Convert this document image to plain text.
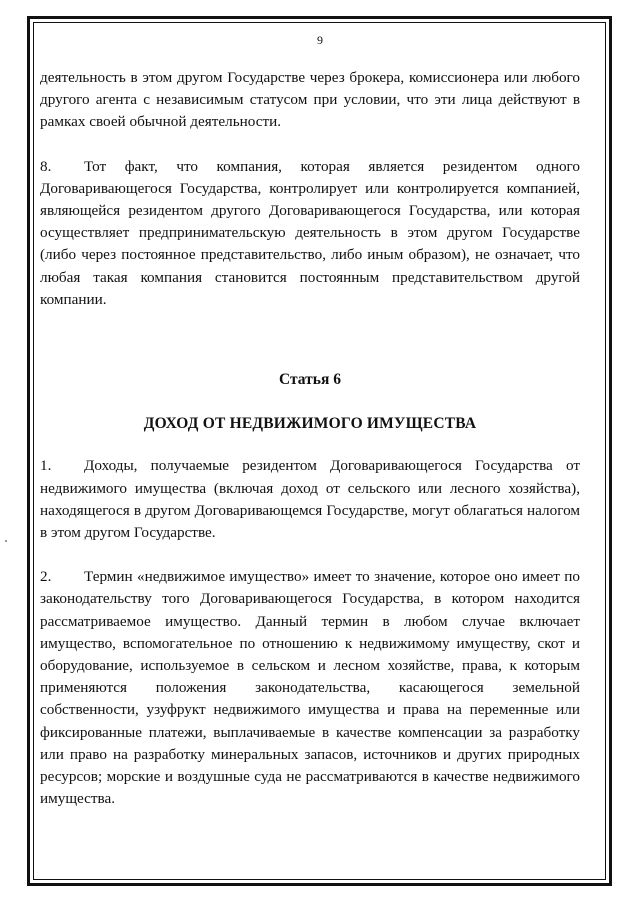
9

деятельность в этом другом Государстве через брокера, комиссионера или любого другого агента с независимым статусом при условии, что эти лица действуют в рамках своей обычной деятельности.

8. Тот факт, что компания, которая является резидентом одного Договаривающегося Государства, контролирует или контролируется компанией, являющейся резидентом другого Договаривающегося Государства, или которая осуществляет предпринимательскую деятельность в этом другом Государстве (либо через постоянное представительство, либо иным образом), не означает, что любая такая компания становится постоянным представительством другой компании.

Статья 6

ДОХОД ОТ НЕДВИЖИМОГО ИМУЩЕСТВА

1. Доходы, получаемые резидентом Договаривающегося Государства от недвижимого имущества (включая доход от сельского или лесного хозяйства), находящегося в другом Договаривающемся Государстве, могут облагаться налогом в этом другом Государстве.

2. Термин «недвижимое имущество» имеет то значение, которое оно имеет по законодательству того Договаривающегося Государства, в котором находится рассматриваемое имущество. Данный термин в любом случае включает имущество, вспомогательное по отношению к недвижимому имуществу, скот и оборудование, используемое в сельском и лесном хозяйстве, права, к которым применяются положения законодательства, касающегося земельной собственности, узуфрукт недвижимого имущества и права на переменные или фиксированные платежи, выплачиваемые в качестве компенсации за разработку или право на разработку минеральных запасов, источников и других природных ресурсов; морские и воздушные суда не рассматриваются в качестве недвижимого имущества.
